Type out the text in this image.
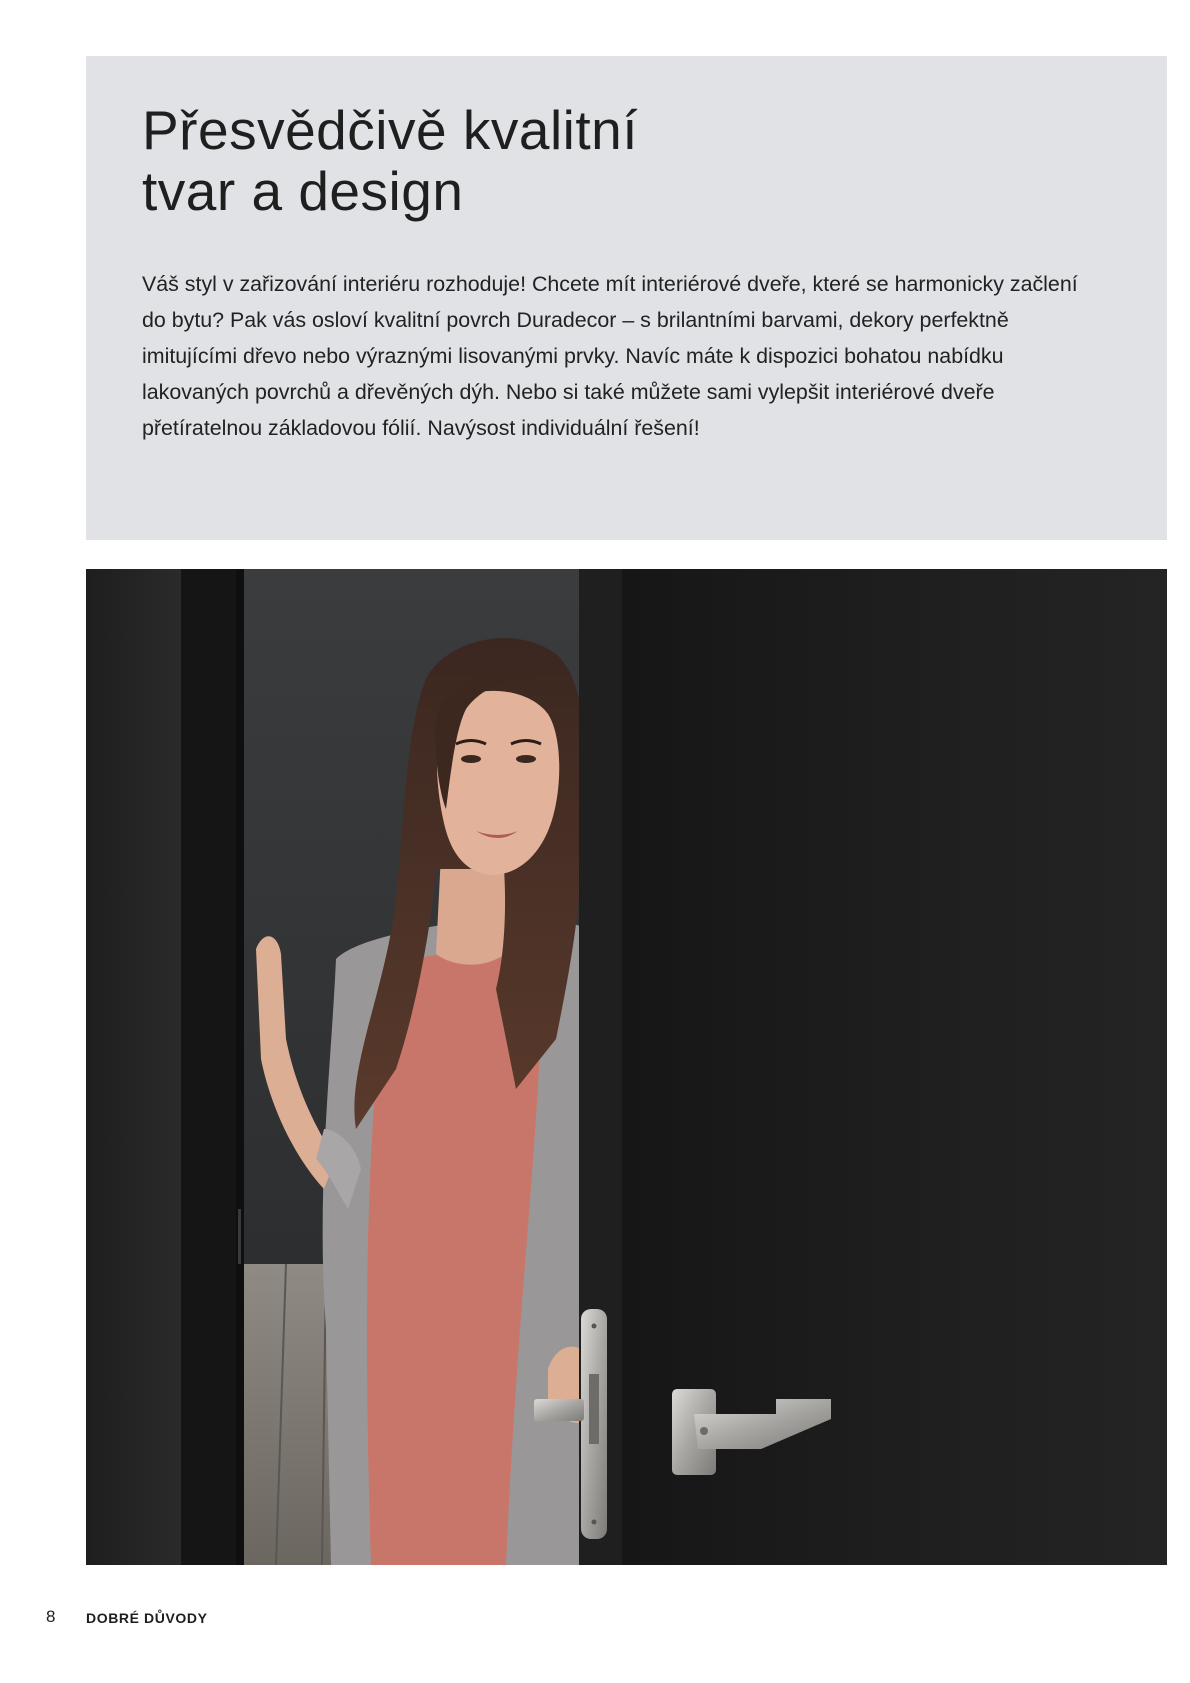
Přesvědčivě kvalitní
tvar a design

Váš styl v zařizování interiéru rozhoduje! Chcete mít interiérové dveře, které se harmonicky začlení do bytu? Pak vás osloví kvalitní povrch Duradecor – s brilantními barvami, dekory perfektně imitujícími dřevo nebo výraznými lisovanými prvky. Navíc máte k dispozici bohatou nabídku lakovaných povrchů a dřevěných dýh. Nebo si také můžete sami vylepšit interiérové dveře přetíratelnou základovou fólií. Navýsost individuální řešení!

8 DOBRÉ DŮVODY
